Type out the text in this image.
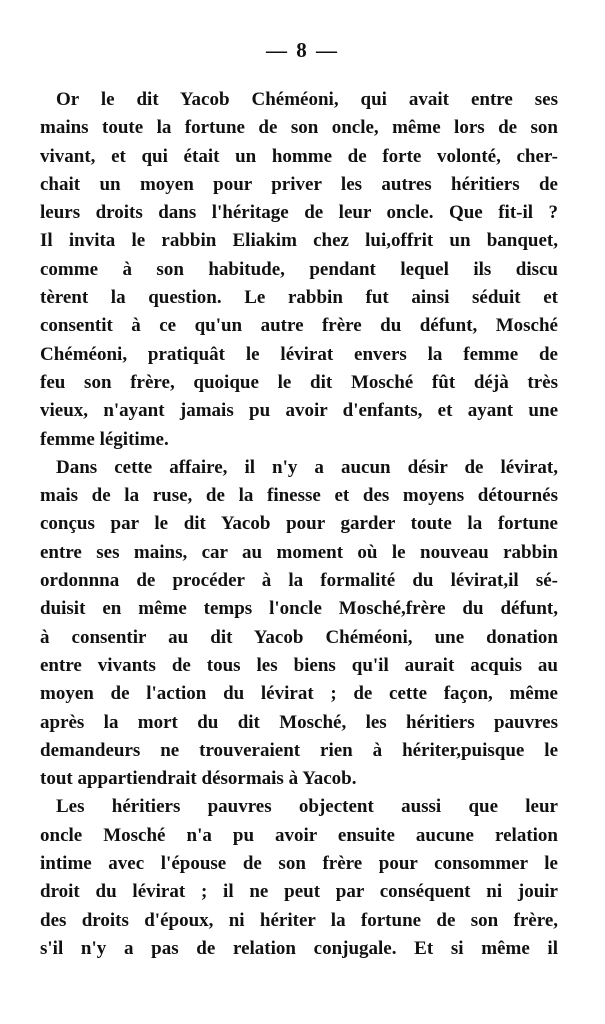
— 8 —
Or le dit Yacob Chéméoni, qui avait entre ses
mains toute la fortune de son oncle, même lors de son
vivant, et qui était un homme de forte volonté, cher-
chait un moyen pour priver les autres héritiers de
leurs droits dans l'héritage de leur oncle. Que fit-il ?
Il invita le rabbin Eliakim chez lui,offrit un banquet,
comme à son habitude, pendant lequel ils discu
tèrent la question. Le rabbin fut ainsi séduit et
consentit à ce qu'un autre frère du défunt, Mosché
Chéméoni, pratiquât le lévirat envers la femme de
feu son frère, quoique le dit Mosché fût déjà très
vieux, n'ayant jamais pu avoir d'enfants, et ayant une
femme légitime.
Dans cette affaire, il n'y a aucun désir de lévirat,
mais de la ruse, de la finesse et des moyens détournés
conçus par le dit Yacob pour garder toute la fortune
entre ses mains, car au moment où le nouveau rabbin
ordonnna de procéder à la formalité du lévirat,il sé-
duisit en même temps l'oncle Mosché,frère du défunt,
à consentir au dit Yacob Chéméoni, une donation
entre vivants de tous les biens qu'il aurait acquis au
moyen de l'action du lévirat ; de cette façon, même
après la mort du dit Mosché, les héritiers pauvres
demandeurs ne trouveraient rien à hériter,puisque le
tout appartiendrait désormais à Yacob.
Les héritiers pauvres objectent aussi que leur
oncle Mosché n'a pu avoir ensuite aucune relation
intime avec l'épouse de son frère pour consommer le
droit du lévirat ; il ne peut par conséquent ni jouir
des droits d'époux, ni hériter la fortune de son frère,
s'il n'y a pas de relation conjugale. Et si même il
